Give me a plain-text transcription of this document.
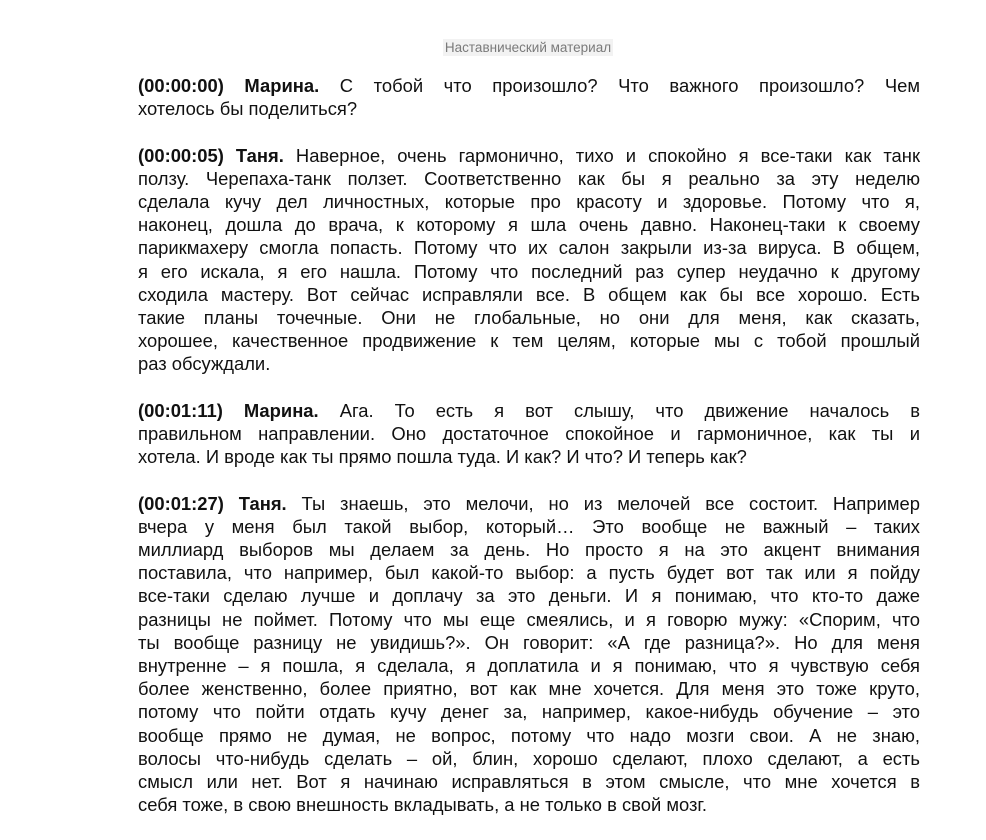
Наставнический материал
(00:00:00) Марина. С тобой что произошло? Что важного произошло? Чем
хотелось бы поделиться?
(00:00:05) Таня. Наверное, очень гармонично, тихо и спокойно я все-таки как танк
ползу. Черепаха-танк ползет. Соответственно как бы я реально за эту неделю
сделала кучу дел личностных, которые про красоту и здоровье. Потому что я,
наконец, дошла до врача, к которому я шла очень давно. Наконец-таки к своему
парикмахеру смогла попасть. Потому что их салон закрыли из-за вируса. В общем,
я его искала, я его нашла. Потому что последний раз супер неудачно к другому
сходила мастеру. Вот сейчас исправляли все. В общем как бы все хорошо. Есть
такие планы точечные. Они не глобальные, но они для меня, как сказать,
хорошее, качественное продвижение к тем целям, которые мы с тобой прошлый
раз обсуждали.
(00:01:11) Марина. Ага. То есть я вот слышу, что движение началось в
правильном направлении. Оно достаточное спокойное и гармоничное, как ты и
хотела. И вроде как ты прямо пошла туда. И как? И что? И теперь как?
(00:01:27) Таня. Ты знаешь, это мелочи, но из мелочей все состоит. Например
вчера у меня был такой выбор, который… Это вообще не важный – таких
миллиард выборов мы делаем за день. Но просто я на это акцент внимания
поставила, что например, был какой-то выбор: а пусть будет вот так или я пойду
все-таки сделаю лучше и доплачу за это деньги. И я понимаю, что кто-то даже
разницы не поймет. Потому что мы еще смеялись, и я говорю мужу: «Спорим, что
ты вообще разницу не увидишь?». Он говорит: «А где разница?». Но для меня
внутренне – я пошла, я сделала, я доплатила и я понимаю, что я чувствую себя
более женственно, более приятно, вот как мне хочется. Для меня это тоже круто,
потому что пойти отдать кучу денег за, например, какое-нибудь обучение – это
вообще прямо не думая, не вопрос, потому что надо мозги свои. А не знаю,
волосы что-нибудь сделать – ой, блин, хорошо сделают, плохо сделают, а есть
смысл или нет. Вот я начинаю исправляться в этом смысле, что мне хочется в
себя тоже, в свою внешность вкладывать, а не только в свой мозг.
